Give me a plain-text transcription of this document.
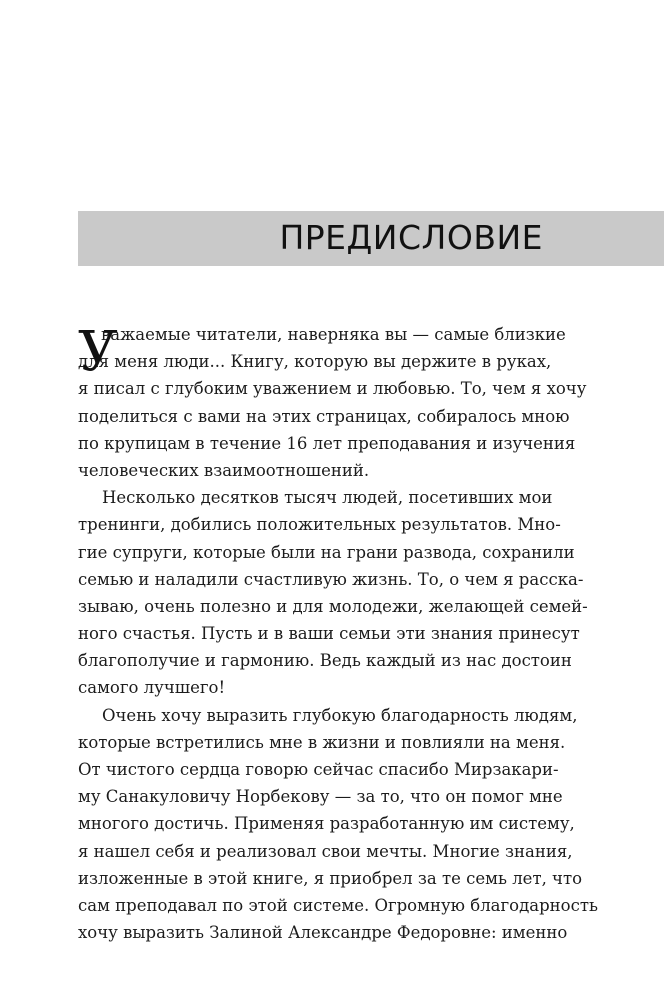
ПРЕДИСЛОВИЕ
У
важаемые читатели, наверняка вы — самые близкие
для меня люди... Книгу, которую вы держите в руках,
я писал с глубоким уважением и любовью. То, чем я хочу
поделиться с вами на этих страницах, собиралось мною
по крупицам в течение 16 лет преподавания и изучения
человеческих взаимоотношений.
Несколько десятков тысяч людей, посетивших мои
тренинги, добились положительных результатов. Мно-
гие супруги, которые были на грани развода, сохранили
семью и наладили счастливую жизнь. То, о чем я расска-
зываю, очень полезно и для молодежи, желающей семей-
ного счастья. Пусть и в ваши семьи эти знания принесут
благополучие и гармонию. Ведь каждый из нас достоин
самого лучшего!
Очень хочу выразить глубокую благодарность людям,
которые встретились мне в жизни и повлияли на меня.
От чистого сердца говорю сейчас спасибо Мирзакари-
му Санакуловичу Норбекову — за то, что он помог мне
многого достичь. Применяя разработанную им систему,
я нашел себя и реализовал свои мечты. Многие знания,
изложенные в этой книге, я приобрел за те семь лет, что
сам преподавал по этой системе. Огромную благодарность
хочу выразить Залиной Александре Федоровне: именно
